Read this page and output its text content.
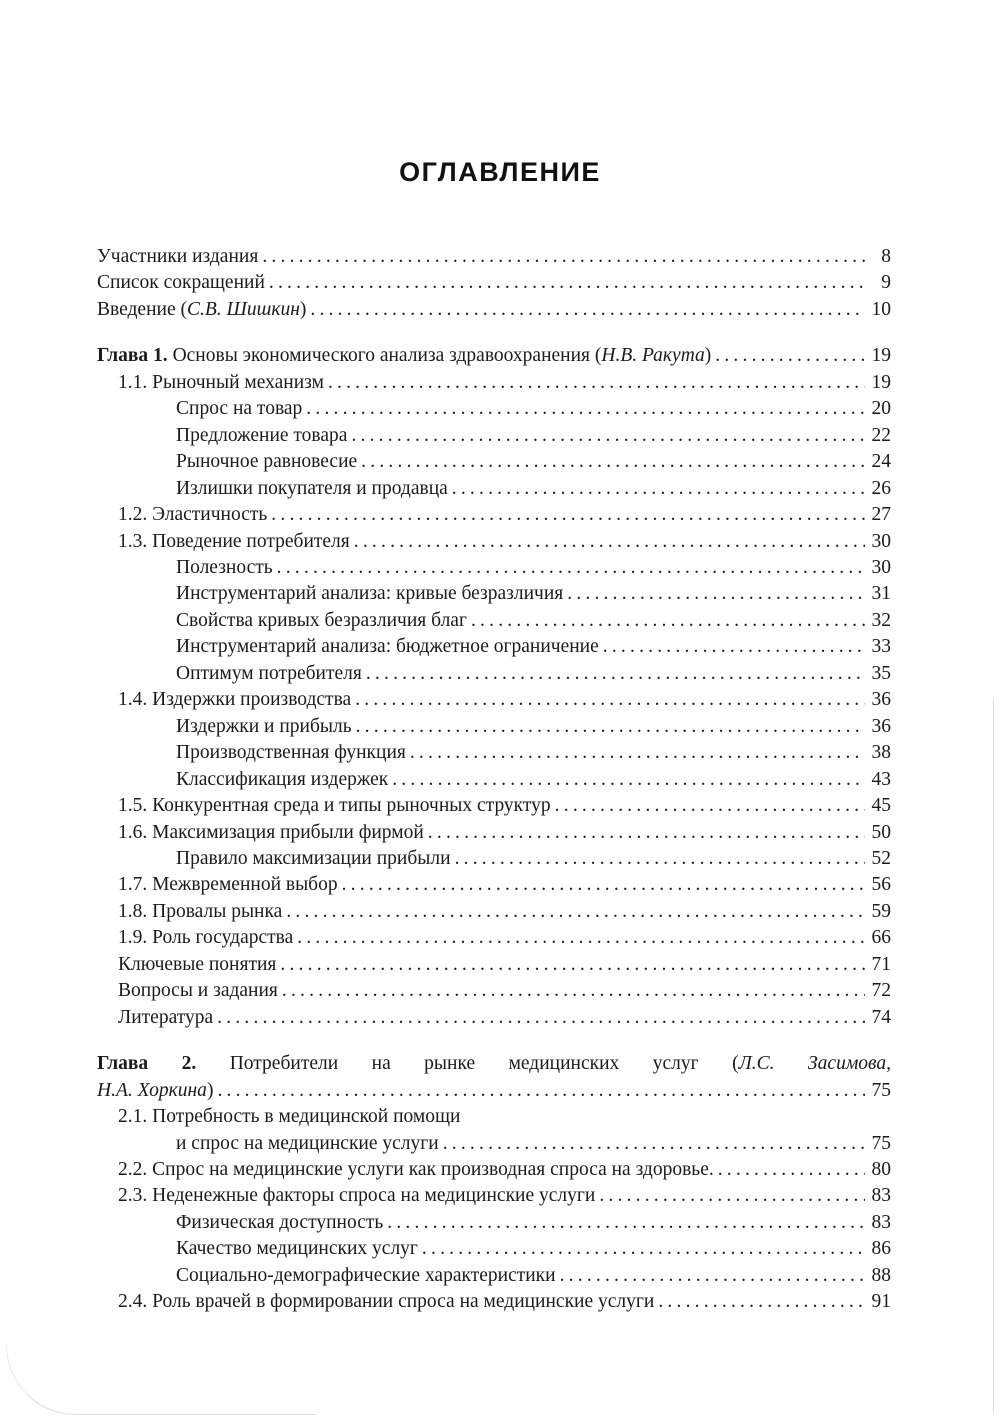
ОГЛАВЛЕНИЕ
Участники издания .....	8
Список сокращений .....	9
Введение (С.В. Шишкин) .....	10
Глава 1. Основы экономического анализа здравоохранения (Н.В. Ракута) .....	19
1.1. Рыночный механизм .....	19
Спрос на товар .....	20
Предложение товара .....	22
Рыночное равновесие .....	24
Излишки покупателя и продавца .....	26
1.2. Эластичность .....	27
1.3. Поведение потребителя .....	30
Полезность .....	30
Инструментарий анализа: кривые безразличия .....	31
Свойства кривых безразличия благ .....	32
Инструментарий анализа: бюджетное ограничение .....	33
Оптимум потребителя .....	35
1.4. Издержки производства .....	36
Издержки и прибыль .....	36
Производственная функция .....	38
Классификация издержек .....	43
1.5. Конкурентная среда и типы рыночных структур .....	45
1.6. Максимизация прибыли фирмой .....	50
Правило максимизации прибыли .....	52
1.7. Межвременной выбор .....	56
1.8. Провалы рынка .....	59
1.9. Роль государства .....	66
Ключевые понятия .....	71
Вопросы и задания .....	72
Литература .....	74
Глава 2. Потребители на рынке медицинских услуг (Л.С. Засимова,
Н.А. Хоркина) .....	75
2.1. Потребность в медицинской помощи
и спрос на медицинские услуги .....	75
2.2. Спрос на медицинские услуги как производная спроса на здоровье. .....	80
2.3. Неденежные факторы спроса на медицинские услуги .....	83
Физическая доступность .....	83
Качество медицинских услуг .....	86
Социально-демографические характеристики .....	88
2.4. Роль врачей в формировании спроса на медицинские услуги .....	91
